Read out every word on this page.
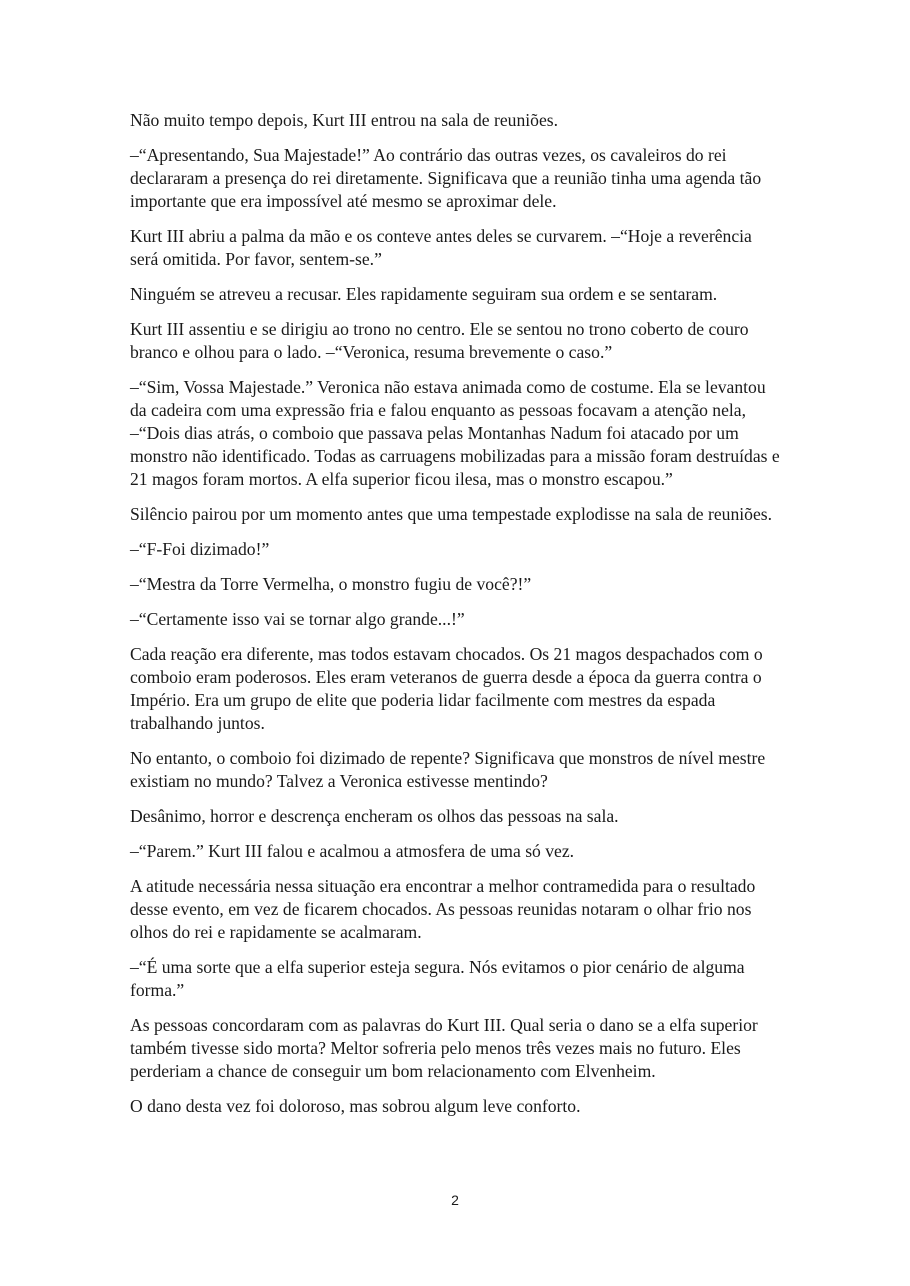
Não muito tempo depois, Kurt III entrou na sala de reuniões.

–“Apresentando, Sua Majestade!” Ao contrário das outras vezes, os cavaleiros do rei declararam a presença do rei diretamente. Significava que a reunião tinha uma agenda tão importante que era impossível até mesmo se aproximar dele.

Kurt III abriu a palma da mão e os conteve antes deles se curvarem. –“Hoje a reverência será omitida. Por favor, sentem-se.”

Ninguém se atreveu a recusar. Eles rapidamente seguiram sua ordem e se sentaram.

Kurt III assentiu e se dirigiu ao trono no centro. Ele se sentou no trono coberto de couro branco e olhou para o lado. –“Veronica, resuma brevemente o caso.”

–“Sim, Vossa Majestade.” Veronica não estava animada como de costume. Ela se levantou da cadeira com uma expressão fria e falou enquanto as pessoas focavam a atenção nela, –“Dois dias atrás, o comboio que passava pelas Montanhas Nadum foi atacado por um monstro não identificado. Todas as carruagens mobilizadas para a missão foram destruídas e 21 magos foram mortos. A elfa superior ficou ilesa, mas o monstro escapou.”

Silêncio pairou por um momento antes que uma tempestade explodisse na sala de reuniões.

–“F-Foi dizimado!”

–“Mestra da Torre Vermelha, o monstro fugiu de você?!”

–“Certamente isso vai se tornar algo grande...!”

Cada reação era diferente, mas todos estavam chocados. Os 21 magos despachados com o comboio eram poderosos. Eles eram veteranos de guerra desde a época da guerra contra o Império. Era um grupo de elite que poderia lidar facilmente com mestres da espada trabalhando juntos.

No entanto, o comboio foi dizimado de repente? Significava que monstros de nível mestre existiam no mundo? Talvez a Veronica estivesse mentindo?

Desânimo, horror e descrença encheram os olhos das pessoas na sala.

–“Parem.” Kurt III falou e acalmou a atmosfera de uma só vez.

A atitude necessária nessa situação era encontrar a melhor contramedida para o resultado desse evento, em vez de ficarem chocados. As pessoas reunidas notaram o olhar frio nos olhos do rei e rapidamente se acalmaram.

–“É uma sorte que a elfa superior esteja segura. Nós evitamos o pior cenário de alguma forma.”

As pessoas concordaram com as palavras do Kurt III. Qual seria o dano se a elfa superior também tivesse sido morta? Meltor sofreria pelo menos três vezes mais no futuro. Eles perderiam a chance de conseguir um bom relacionamento com Elvenheim.

O dano desta vez foi doloroso, mas sobrou algum leve conforto.

2
